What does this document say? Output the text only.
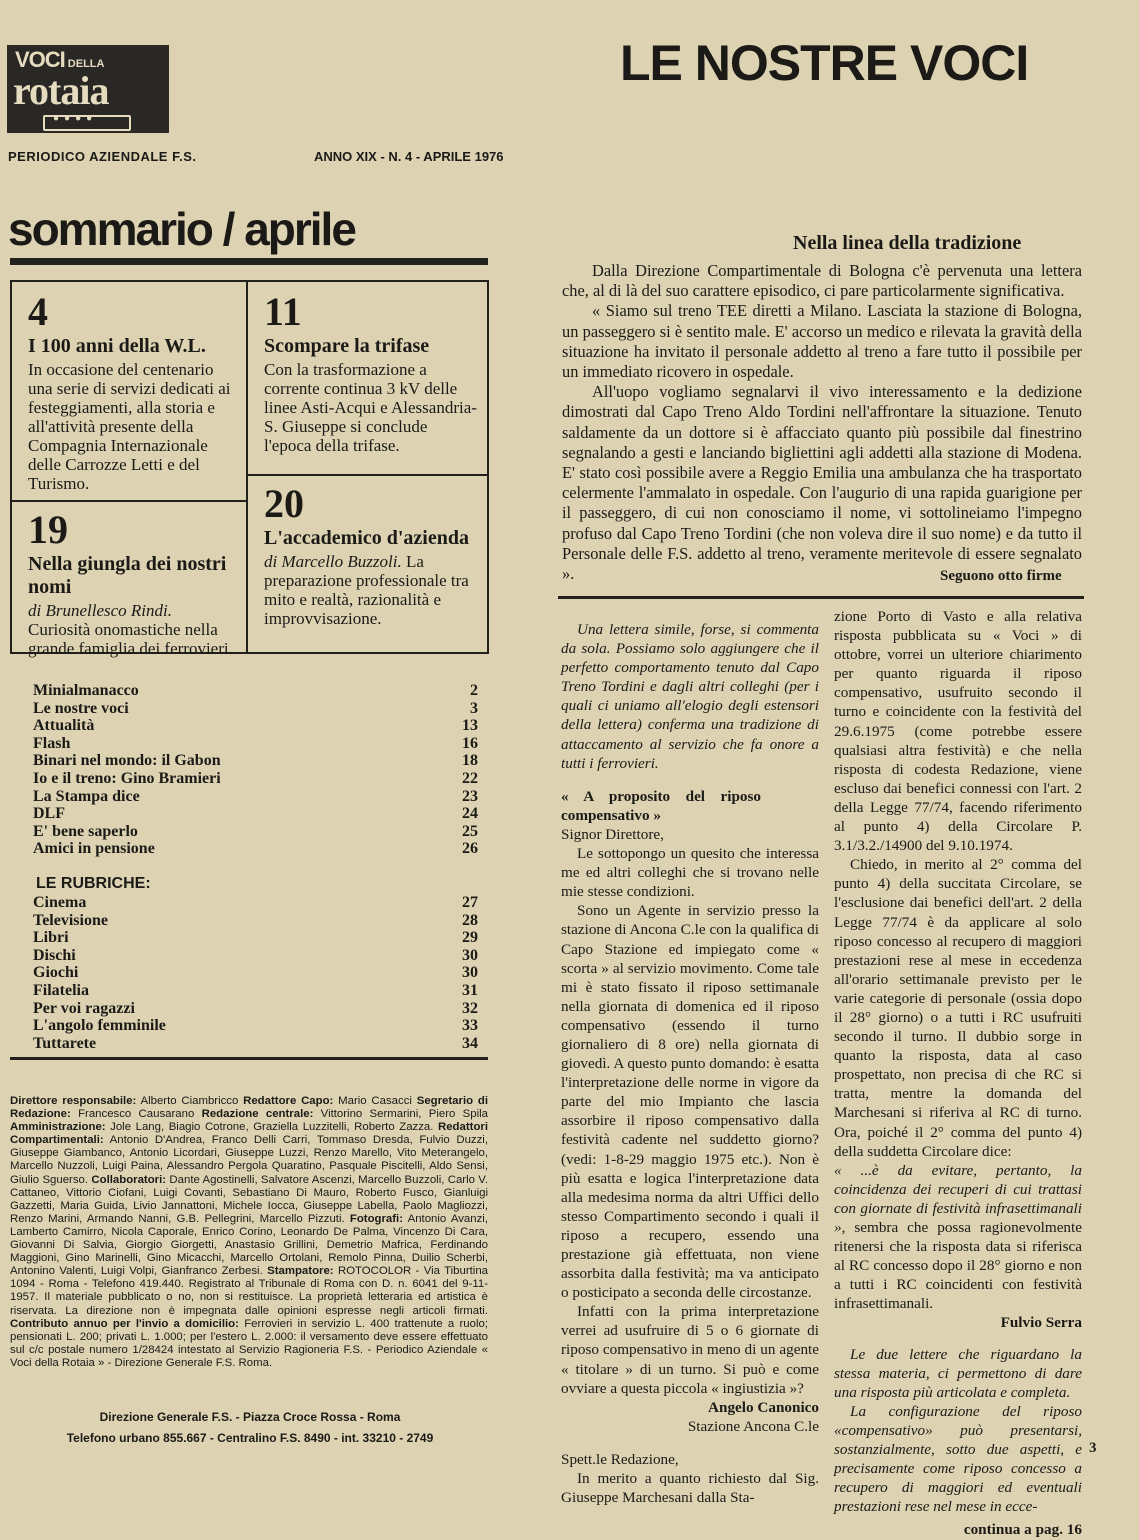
VOCI DELLA
rotaia
●●●●
PERIODICO AZIENDALE F.S.	ANNO XIX - N. 4 - APRILE 1976
LE NOSTRE VOCI
sommario / aprile
4
I 100 anni della W.L.
In occasione del centenario una serie di servizi dedicati ai festeggiamenti, alla storia e all'attività presente della Compagnia Internazionale delle Carrozze Letti e del Turismo.
11
Scompare la trifase
Con la trasformazione a corrente continua 3 kV delle linee Asti-Acqui e Alessandria-S. Giuseppe si conclude l'epoca della trifase.
19
Nella giungla dei nostri nomi
di Brunellesco Rindi. Curiosità onomastiche nella grande famiglia dei ferrovieri.
20
L'accademico d'azienda
di Marcello Buzzoli. La preparazione professionale tra mito e realtà, razionalità e improvvisazione.
Minialmanacco	2
Le nostre voci	3
Attualità	13
Flash	16
Binari nel mondo: il Gabon	18
Io e il treno: Gino Bramieri	22
La Stampa dice	23
DLF	24
E' bene saperlo	25
Amici in pensione	26
LE RUBRICHE:
Cinema	27
Televisione	28
Libri	29
Dischi	30
Giochi	30
Filatelia	31
Per voi ragazzi	32
L'angolo femminile	33
Tuttarete	34
Direttore responsabile: Alberto Ciambricco Redattore Capo: Mario Casacci Segretario di Redazione: Francesco Causarano Redazione centrale: Vittorino Sermarini, Piero Spila Amministrazione: Jole Lang, Biagio Cotrone, Graziella Luzzitelli, Roberto Zazza. Redattori Compartimentali: Antonio D'Andrea, Franco Delli Carri, Tommaso Dresda, Fulvio Duzzi, Giuseppe Giambanco, Antonio Licordari, Giuseppe Luzzi, Renzo Marello, Vito Meterangelo, Marcello Nuzzoli, Luigi Paina, Alessandro Pergola Quaratino, Pasquale Piscitelli, Aldo Sensi, Giulio Sguerso. Collaboratori: Dante Agostinelli, Salvatore Ascenzi, Marcello Buzzoli, Carlo V. Cattaneo, Vittorio Ciofani, Luigi Covanti, Sebastiano Di Mauro, Roberto Fusco, Gianluigi Gazzetti, Maria Guida, Livio Jannattoni, Michele Iocca, Giuseppe Labella, Paolo Magliozzi, Renzo Marini, Armando Nanni, G.B. Pellegrini, Marcello Pizzuti. Fotografi: Antonio Avanzi, Lamberto Camirro, Nicola Caporale, Enrico Corino, Leonardo De Palma, Vincenzo Di Cara, Giovanni Di Salvia, Giorgio Giorgetti, Anastasio Grillini, Demetrio Mafrica, Ferdinando Maggioni, Gino Marinelli, Gino Micacchi, Marcello Ortolani, Remolo Pinna, Duilio Scherbi, Antonino Valenti, Luigi Volpi, Gianfranco Zerbesi. Stampatore: ROTOCOLOR - Via Tiburtina 1094 - Roma - Telefono 419.440. Registrato al Tribunale di Roma con D. n. 6041 del 9-11-1957. Il materiale pubblicato o no, non si restituisce. La proprietà letteraria ed artistica è riservata. La direzione non è impegnata dalle opinioni espresse negli articoli firmati. Contributo annuo per l'invio a domicilio: Ferrovieri in servizio L. 400 trattenute a ruolo; pensionati L. 200; privati L. 1.000; per l'estero L. 2.000: il versamento deve essere effettuato sul c/c postale numero 1/28424 intestato al Servizio Ragioneria F.S. - Periodico Aziendale « Voci della Rotaia » - Direzione Generale F.S. Roma.
Direzione Generale F.S. - Piazza Croce Rossa - Roma
Telefono urbano 855.667 - Centralino F.S. 8490 - int. 33210 - 2749
Nella linea della tradizione

Dalla Direzione Compartimentale di Bologna c'è pervenuta una lettera che, al di là del suo carattere episodico, ci pare particolarmente significativa.

« Siamo sul treno TEE diretti a Milano. Lasciata la stazione di Bologna, un passeggero si è sentito male. E' accorso un medico e rilevata la gravità della situazione ha invitato il personale addetto al treno a fare tutto il possibile per un immediato ricovero in ospedale.

All'uopo vogliamo segnalarvi il vivo interessamento e la dedizione dimostrati dal Capo Treno Aldo Tordini nell'affrontare la situazione. Tenuto saldamente da un dottore si è affacciato quanto più possibile dal finestrino segnalando a gesti e lanciando bigliettini agli addetti alla stazione di Modena. E' stato così possibile avere a Reggio Emilia una ambulanza che ha trasportato celermente l'ammalato in ospedale. Con l'augurio di una rapida guarigione per il passeggero, di cui non conosciamo il nome, vi sottolineiamo l'impegno profuso dal Capo Treno Tordini (che non voleva dire il suo nome) e da tutto il Personale delle F.S. addetto al treno, veramente meritevole di essere segnalato ».	Seguono otto firme

Una lettera simile, forse, si commenta da sola. Possiamo solo aggiungere che il perfetto comportamento tenuto dal Capo Treno Tordini e dagli altri colleghi (per i quali ci uniamo all'elogio degli estensori della lettera) conferma una tradizione di attaccamento al servizio che fa onore a tutti i ferrovieri.

« A proposito del riposo compensativo »

Signor Direttore,

Le sottopongo un quesito che interessa me ed altri colleghi che si trovano nelle mie stesse condizioni.

Sono un Agente in servizio presso la stazione di Ancona C.le con la qualifica di Capo Stazione ed impiegato come « scorta » al servizio movimento. Come tale mi è stato fissato il riposo settimanale nella giornata di domenica ed il riposo compensativo (essendo il turno giornaliero di 8 ore) nella giornata di giovedì. A questo punto domando: è esatta l'interpretazione delle norme in vigore da parte del mio Impianto che lascia assorbire il riposo compensativo dalla festività cadente nel suddetto giorno? (vedi: 1-8-29 maggio 1975 etc.). Non è più esatta e logica l'interpretazione data alla medesima norma da altri Uffici dello stesso Compartimento secondo i quali il riposo a recupero, essendo una prestazione già effettuata, non viene assorbita dalla festività; ma va anticipato o posticipato a seconda delle circostanze.

Infatti con la prima interpretazione verrei ad usufruire di 5 o 6 giornate di riposo compensativo in meno di un agente « titolare » di un turno. Si può e come ovviare a questa piccola « ingiustizia »?

Angelo Canonico
Stazione Ancona C.le

Spett.le Redazione,

In merito a quanto richiesto dal Sig. Giuseppe Marchesani dalla Sta-

zione Porto di Vasto e alla relativa risposta pubblicata su « Voci » di ottobre, vorrei un ulteriore chiarimento per quanto riguarda il riposo compensativo, usufruito secondo il turno e coincidente con la festività del 29.6.1975 (come potrebbe essere qualsiasi altra festività) e che nella risposta di codesta Redazione, viene escluso dai benefici connessi con l'art. 2 della Legge 77/74, facendo riferimento al punto 4) della Circolare P. 3.1/3.2./14900 del 9.10.1974.

Chiedo, in merito al 2° comma del punto 4) della succitata Circolare, se l'esclusione dai benefici dell'art. 2 della Legge 77/74 è da applicare al solo riposo concesso al recupero di maggiori prestazioni rese al mese in eccedenza all'orario settimanale previsto per le varie categorie di personale (ossia dopo il 28° giorno) o a tutti i RC usufruiti secondo il turno. Il dubbio sorge in quanto la risposta, data al caso prospettato, non precisa di che RC si tratta, mentre la domanda del Marchesani si riferiva al RC di turno. Ora, poiché il 2° comma del punto 4) della suddetta Circolare dice:

« ...è da evitare, pertanto, la coincidenza dei recuperi di cui trattasi con giornate di festività infrasettimanali », sembra che possa ragionevolmente ritenersi che la risposta data si riferisca al RC concesso dopo il 28° giorno e non a tutti i RC coincidenti con festività infrasettimanali.

Fulvio Serra

Le due lettere che riguardano la stessa materia, ci permettono di dare una risposta più articolata e completa.

La configurazione del riposo «compensativo» può presentarsi, sostanzialmente, sotto due aspetti, e precisamente come riposo concesso a recupero di maggiori ed eventuali prestazioni rese nel mese in ecce-

continua a pag. 16
3
